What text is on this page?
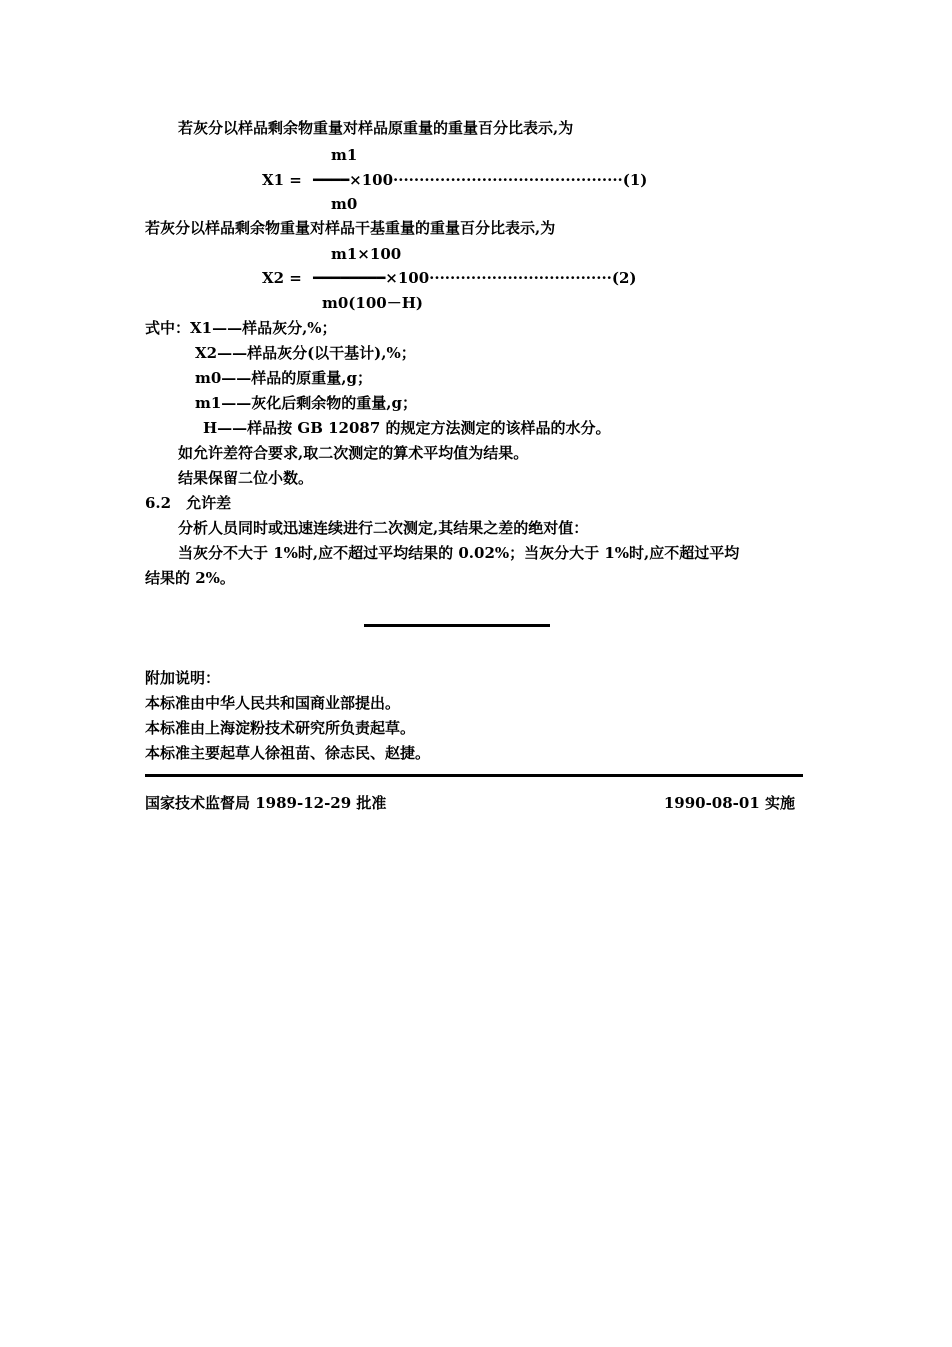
若灰分以样品剩余物重量对样品原重量的重量百分比表示,为
m1
X1 = ━━━━×100············································(1)
m0
若灰分以样品剩余物重量对样品干基重量的重量百分比表示,为
m1×100
X2 = ━━━━━━━━×100···································(2)
m0(100－H)
式中：X1——样品灰分,%；
X2——样品灰分(以干基计),%；
m0——样品的原重量,g；
m1——灰化后剩余物的重量,g；
H——样品按 GB 12087 的规定方法测定的该样品的水分。
如允许差符合要求,取二次测定的算术平均值为结果。
结果保留二位小数。
6.2　允许差
分析人员同时或迅速连续进行二次测定,其结果之差的绝对值：
当灰分不大于 1%时,应不超过平均结果的 0.02%；当灰分大于 1%时,应不超过平均
结果的 2%。
附加说明：
本标准由中华人民共和国商业部提出。
本标准由上海淀粉技术研究所负责起草。
本标准主要起草人徐祖苗、徐志民、赵捷。
国家技术监督局 1989-12-29 批准	1990-08-01 实施
